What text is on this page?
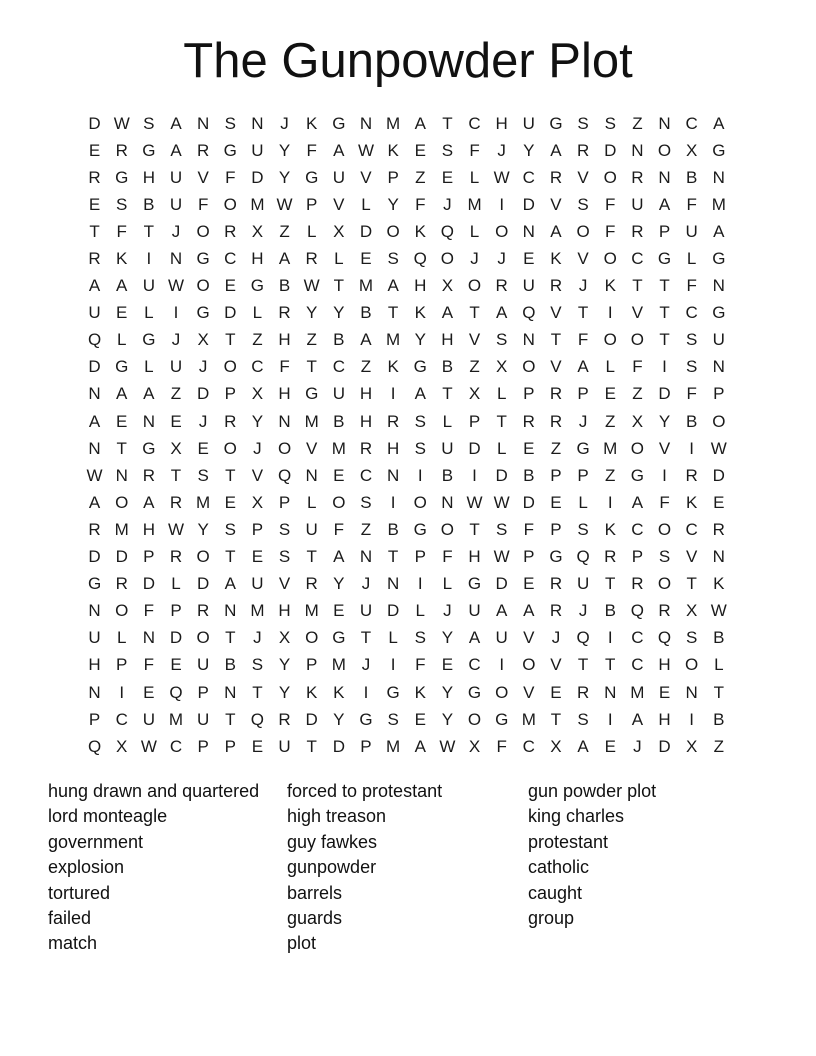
The Gunpowder Plot
D W S A N S N J	K G N M A T C H U G S S Z N C A
E R G A R G U Y F A W K E S F	J	Y A R D N O X G
R G H U V F D Y G U V P Z E L W C R V O R N B N
E S B U F O M W P V L Y F	J M	I	D V S F U A F M
T F T	J O R X Z	L X D O K Q L O N A O F R P U A
R K	I	N G C H A R L E S Q O J	J	E K V O C G L G
A A U W O E G B W T M A H X O R U R J	K T T F N
U E L	I	G D L R Y Y B T K A T A Q V T	I	V T C G
Q L G J	X T Z H Z B A M Y H V S N T F O O T S U
D G L U J O C F T C Z K G B Z X O V A L	F	I	S N
N A A Z D P X H G U H	I	A T X L P R P E Z D F P
A E N E	J R Y N M B H R S L P T R R J	Z X Y B O
N T G X E O J O V M R H S U D L E Z G M O V	I W
W N R T S T V Q N E C N	I	B	I	D B P P Z G	I	R D
A O A R M E X P L O S	I	O N W W D E L	I	A F K E
R M H W Y S P S U F Z B G O T S F P S K C O C R
D D P R O T E S T A N T P F H W P G Q R P S V N
G R D L D A U V R Y	J N	I	L G D E R U T R O T K
N O F P R N M H M E U D L	J U A A R J	B Q R X W
U L N D O T	J	X O G T	L S Y A U V	J Q	I	C Q S B
H P F E U B S Y P M J	I	F E C	I	O V T T C H O L
N	I	E Q P N T Y K K	I	G K Y G O V E R N M E N T
P C U M U T Q R D Y G S E Y O G M T S	I	A H	I	B
Q X W C P P E U T D P M A W X F C X A E	J D X Z
hung drawn and quartered
lord monteagle
government
explosion
tortured
failed
match
forced to protestant
high treason
guy fawkes
gunpowder
barrels
guards
plot
gun powder plot
king charles
protestant
catholic
caught
group
